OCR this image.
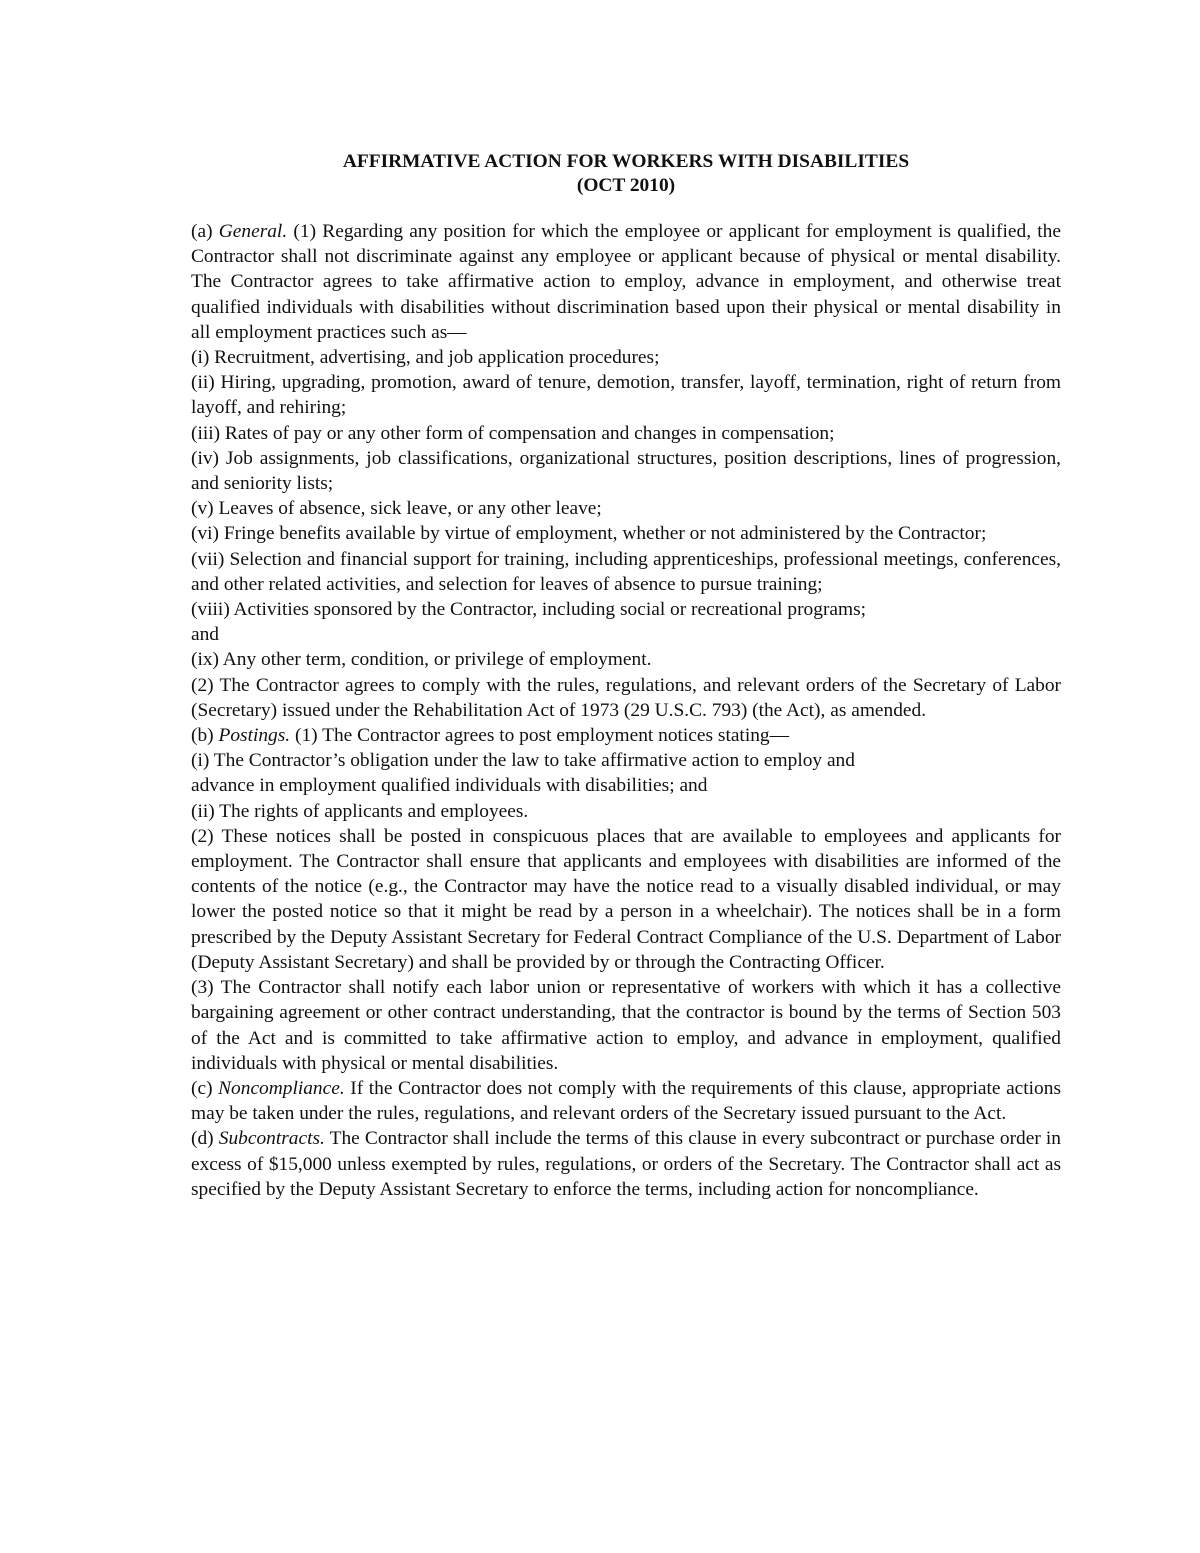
AFFIRMATIVE ACTION FOR WORKERS WITH DISABILITIES

(OCT 2010)

(a) General. (1) Regarding any position for which the employee or applicant for employment is qualified, the Contractor shall not discriminate against any employee or applicant because of physical or mental disability. The Contractor agrees to take affirmative action to employ, advance in employment, and otherwise treat qualified individuals with disabilities without discrimination based upon their physical or mental disability in all employment practices such as—

(i) Recruitment, advertising, and job application procedures;

(ii) Hiring, upgrading, promotion, award of tenure, demotion, transfer, layoff, termination, right of return from layoff, and rehiring;

(iii) Rates of pay or any other form of compensation and changes in compensation;

(iv) Job assignments, job classifications, organizational structures, position descriptions, lines of progression, and seniority lists;

(v) Leaves of absence, sick leave, or any other leave;

(vi) Fringe benefits available by virtue of employment, whether or not administered by the Contractor;

(vii) Selection and financial support for training, including apprenticeships, professional meetings, conferences, and other related activities, and selection for leaves of absence to pursue training;

(viii) Activities sponsored by the Contractor, including social or recreational programs;

and

(ix) Any other term, condition, or privilege of employment.

(2) The Contractor agrees to comply with the rules, regulations, and relevant orders of the Secretary of Labor (Secretary) issued under the Rehabilitation Act of 1973 (29 U.S.C. 793) (the Act), as amended.

(b) Postings. (1) The Contractor agrees to post employment notices stating—

(i) The Contractor’s obligation under the law to take affirmative action to employ and

advance in employment qualified individuals with disabilities; and

(ii) The rights of applicants and employees.

(2) These notices shall be posted in conspicuous places that are available to employees and applicants for employment. The Contractor shall ensure that applicants and employees with disabilities are informed of the contents of the notice (e.g., the Contractor may have the notice read to a visually disabled individual, or may lower the posted notice so that it might be read by a person in a wheelchair). The notices shall be in a form prescribed by the Deputy Assistant Secretary for Federal Contract Compliance of the U.S. Department of Labor (Deputy Assistant Secretary) and shall be provided by or through the Contracting Officer.

(3) The Contractor shall notify each labor union or representative of workers with which it has a collective bargaining agreement or other contract understanding, that the contractor is bound by the terms of Section 503 of the Act and is committed to take affirmative action to employ, and advance in employment, qualified individuals with physical or mental disabilities.

(c) Noncompliance. If the Contractor does not comply with the requirements of this clause, appropriate actions may be taken under the rules, regulations, and relevant orders of the Secretary issued pursuant to the Act.

(d) Subcontracts. The Contractor shall include the terms of this clause in every subcontract or purchase order in excess of $15,000 unless exempted by rules, regulations, or orders of the Secretary. The Contractor shall act as specified by the Deputy Assistant Secretary to enforce the terms, including action for noncompliance.
